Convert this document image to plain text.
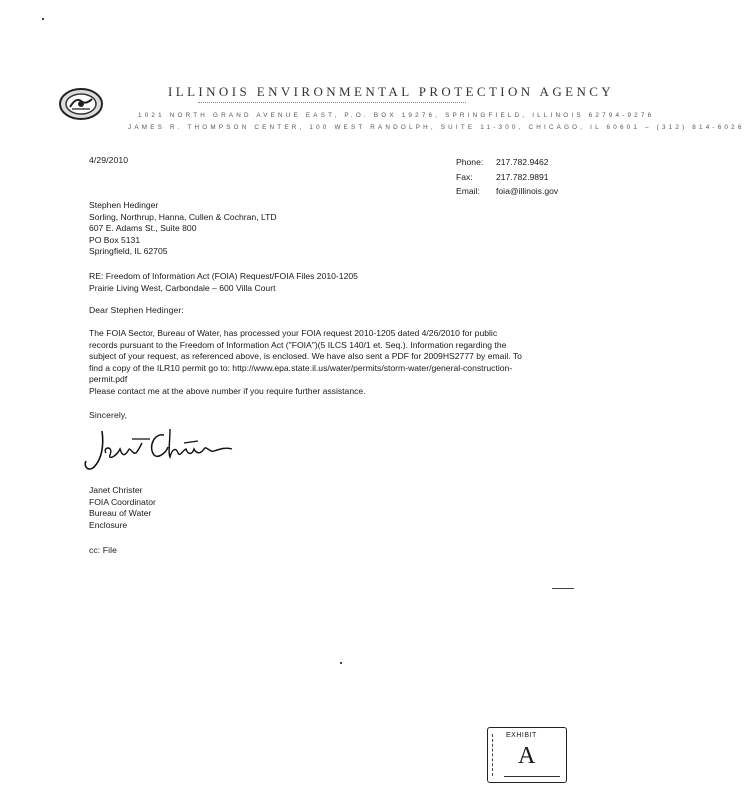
ILLINOIS ENVIRONMENTAL PROTECTION AGENCY
1021 NORTH GRAND AVENUE EAST, P.O. BOX 19276, SPRINGFIELD, ILLINOIS 62794-9276
JAMES R. THOMPSON CENTER, 100 WEST RANDOLPH, SUITE 11-300, CHICAGO, IL 60601 – (312) 814-6026
4/29/2010	Phone:	217.782.9462
Fax:	217.782.9891
Email:	foia@illinois.gov
Stephen Hedinger
Sorling, Northrup, Hanna, Cullen & Cochran, LTD
607 E. Adams St., Suite 800
PO Box 5131
Springfield, IL 62705
RE: Freedom of Information Act (FOIA) Request/FOIA Files 2010-1205
Prairie Living West, Carbondale – 600 Villa Court
Dear Stephen Hedinger:
The FOIA Sector, Bureau of Water, has processed your FOIA request 2010-1205 dated 4/26/2010 for public
records pursuant to the Freedom of Information Act ("FOIA")(5 ILCS 140/1 et. Seq.). Information regarding the
subject of your request, as referenced above, is enclosed. We have also sent a PDF for 2009HS2777 by email. To
find a copy of the ILR10 permit go to: http://www.epa.state.il.us/water/permits/storm-water/general-construction-
permit.pdf
Please contact me at the above number if you require further assistance.
Sincerely,
Janet Christer
FOIA Coordinator
Bureau of Water
Enclosure
cc: File
EXHIBIT
A
